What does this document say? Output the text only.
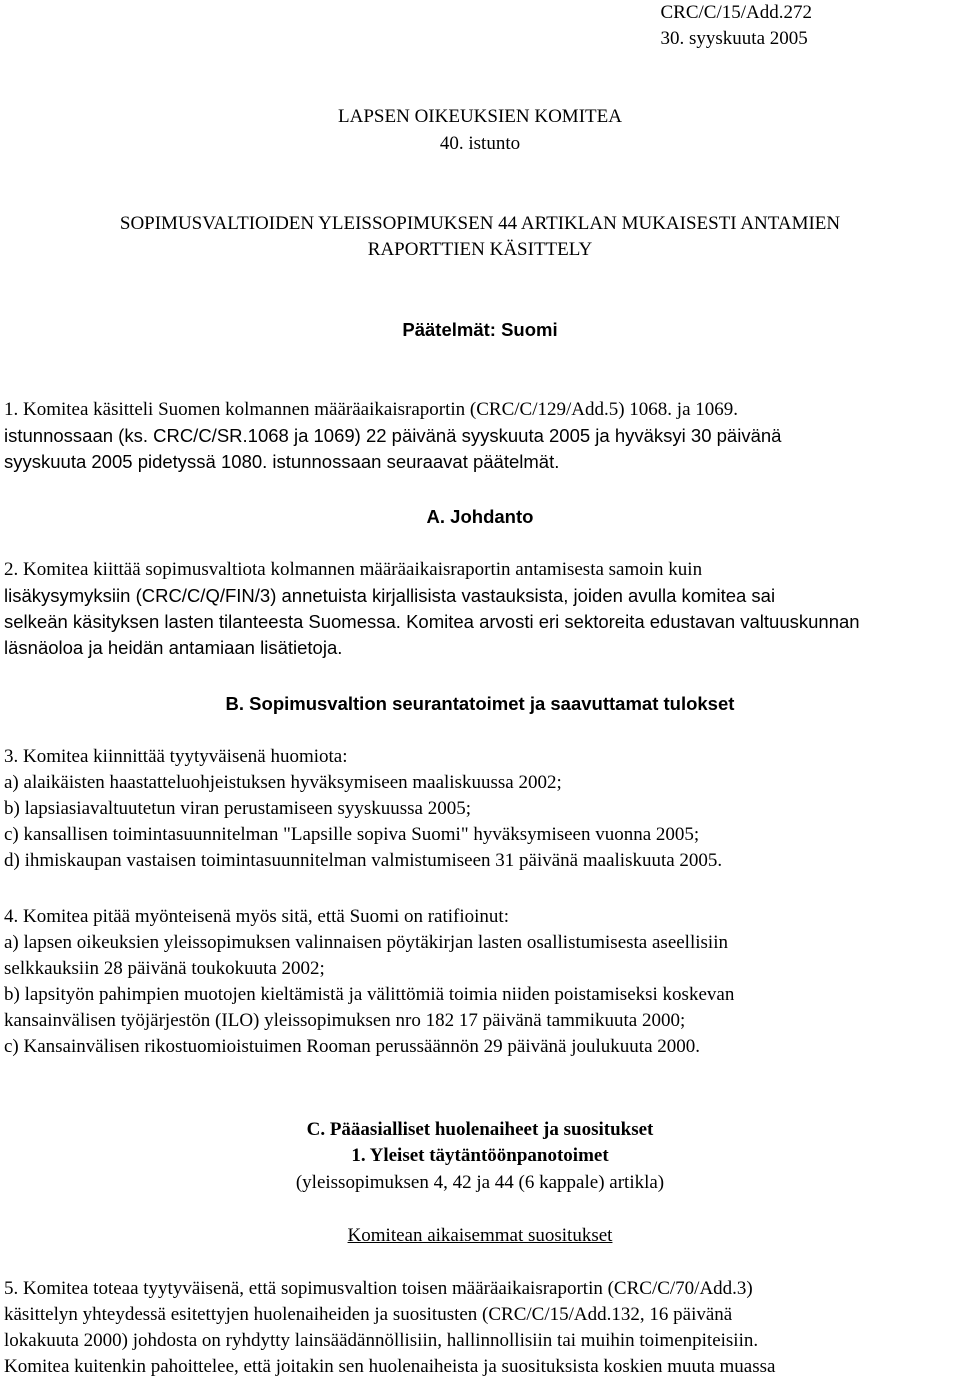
CRC/C/15/Add.272
30. syyskuuta 2005
LAPSEN OIKEUKSIEN KOMITEA
40. istunto
SOPIMUSVALTIOIDEN YLEISSOPIMUKSEN 44 ARTIKLAN MUKAISESTI ANTAMIEN
RAPORTTIEN KÄSITTELY
Päätelmät: Suomi
1. Komitea käsitteli Suomen kolmannen määräaikaisraportin (CRC/C/129/Add.5) 1068. ja 1069.
istunnossaan (ks. CRC/C/SR.1068 ja 1069) 22 päivänä syyskuuta 2005 ja hyväksyi 30 päivänä
syyskuuta 2005 pidetyssä 1080. istunnossaan seuraavat päätelmät.
A. Johdanto
2. Komitea kiittää sopimusvaltiota kolmannen määräaikaisraportin antamisesta samoin kuin
lisäkysymyksiin (CRC/C/Q/FIN/3) annetuista kirjallisista vastauksista, joiden avulla komitea sai
selkeän käsityksen lasten tilanteesta Suomessa. Komitea arvosti eri sektoreita edustavan valtuuskunnan
läsnäoloa ja heidän antamiaan lisätietoja.
B. Sopimusvaltion seurantatoimet ja saavuttamat tulokset
3. Komitea kiinnittää tyytyväisenä huomiota:
a) alaikäisten haastatteluohjeistuksen hyväksymiseen maaliskuussa 2002;
b) lapsiasiavaltuutetun viran perustamiseen syyskuussa 2005;
c) kansallisen toimintasuunnitelman "Lapsille sopiva Suomi" hyväksymiseen vuonna 2005;
d) ihmiskaupan vastaisen toimintasuunnitelman valmistumiseen 31 päivänä maaliskuuta 2005.
4. Komitea pitää myönteisenä myös sitä, että Suomi on ratifioinut:
a) lapsen oikeuksien yleissopimuksen valinnaisen pöytäkirjan lasten osallistumisesta aseellisiin
selkkauksiin 28 päivänä toukokuuta 2002;
b) lapsityön pahimpien muotojen kieltämistä ja välittömiä toimia niiden poistamiseksi koskevan
kansainvälisen työjärjestön (ILO) yleissopimuksen nro 182 17 päivänä tammikuuta 2000;
c) Kansainvälisen rikostuomioistuimen Rooman perussäännön 29 päivänä joulukuuta 2000.
C. Pääasialliset huolenaiheet ja suositukset
1. Yleiset täytäntöönpanotoimet
(yleissopimuksen 4, 42 ja 44 (6 kappale) artikla)
Komitean aikaisemmat suositukset
5. Komitea toteaa tyytyväisenä, että sopimusvaltion toisen määräaikaisraportin (CRC/C/70/Add.3)
käsittelyn yhteydessä esitettyjen huolenaiheiden ja suositusten (CRC/C/15/Add.132, 16 päivänä
lokakuuta 2000) johdosta on ryhdytty lainsäädännöllisiin, hallinnollisiin tai muihin toimenpiteisiin.
Komitea kuitenkin pahoittelee, että joitakin sen huolenaiheista ja suosituksista koskien muuta muassa
